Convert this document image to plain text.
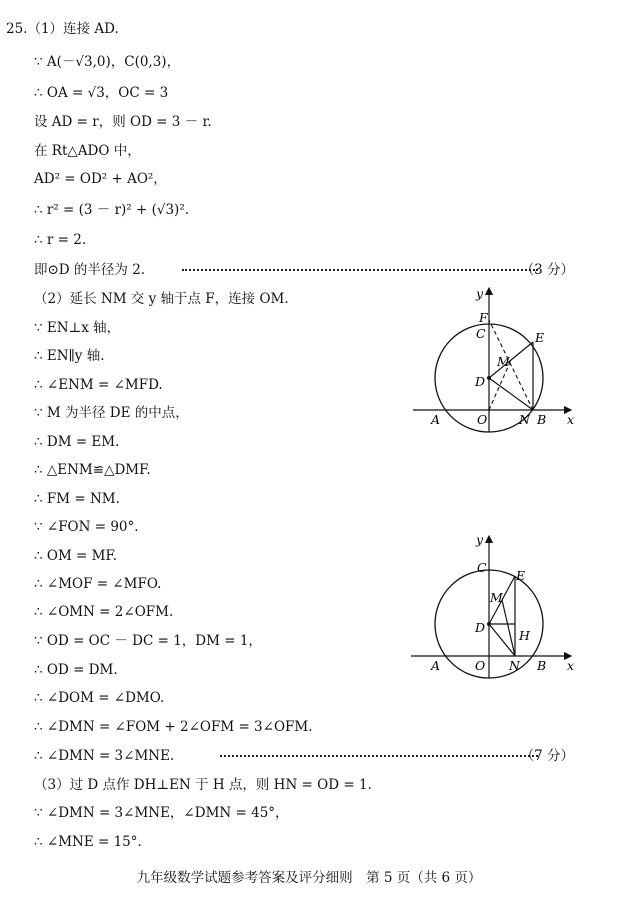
25.（1）连接 AD.
∵ A(－√3,0)，C(0,3)，
∴ OA = √3，OC = 3
设 AD = r，则 OD = 3 － r.
在 Rt△ADO 中，
AD² = OD² + AO²，
∴ r² = (3 － r)² + (√3)².
∴ r = 2.
即⊙D 的半径为 2.	（3 分）
（2）延长 NM 交 y 轴于点 F，连接 OM.
∵ EN⊥x 轴，
∴ EN∥y 轴.
∴ ∠ENM = ∠MFD.
∵ M 为半径 DE 的中点，
∴ DM = EM.
∴ △ENM≌△DMF.
∴ FM = NM.
∵ ∠FON = 90°.
∴ OM = MF.
∴ ∠MOF = ∠MFO.
∴ ∠OMN = 2∠OFM.
∵ OD = OC － DC = 1，DM = 1，
∴ OD = DM.
∴ ∠DOM = ∠DMO.
∴ ∠DMN = ∠FOM + 2∠OFM = 3∠OFM.
∴ ∠DMN = 3∠MNE.	（7 分）
（3）过 D 点作 DH⊥EN 于 H 点，则 HN = OD = 1.
∵ ∠DMN = 3∠MNE，∠DMN = 45°，
∴ ∠MNE = 15°.
y
F
C	E
M
D
A	O	N B x
y
C
E
M
D
H
A	O N B x
九年级数学试题参考答案及评分细则　第 5 页（共 6 页）
